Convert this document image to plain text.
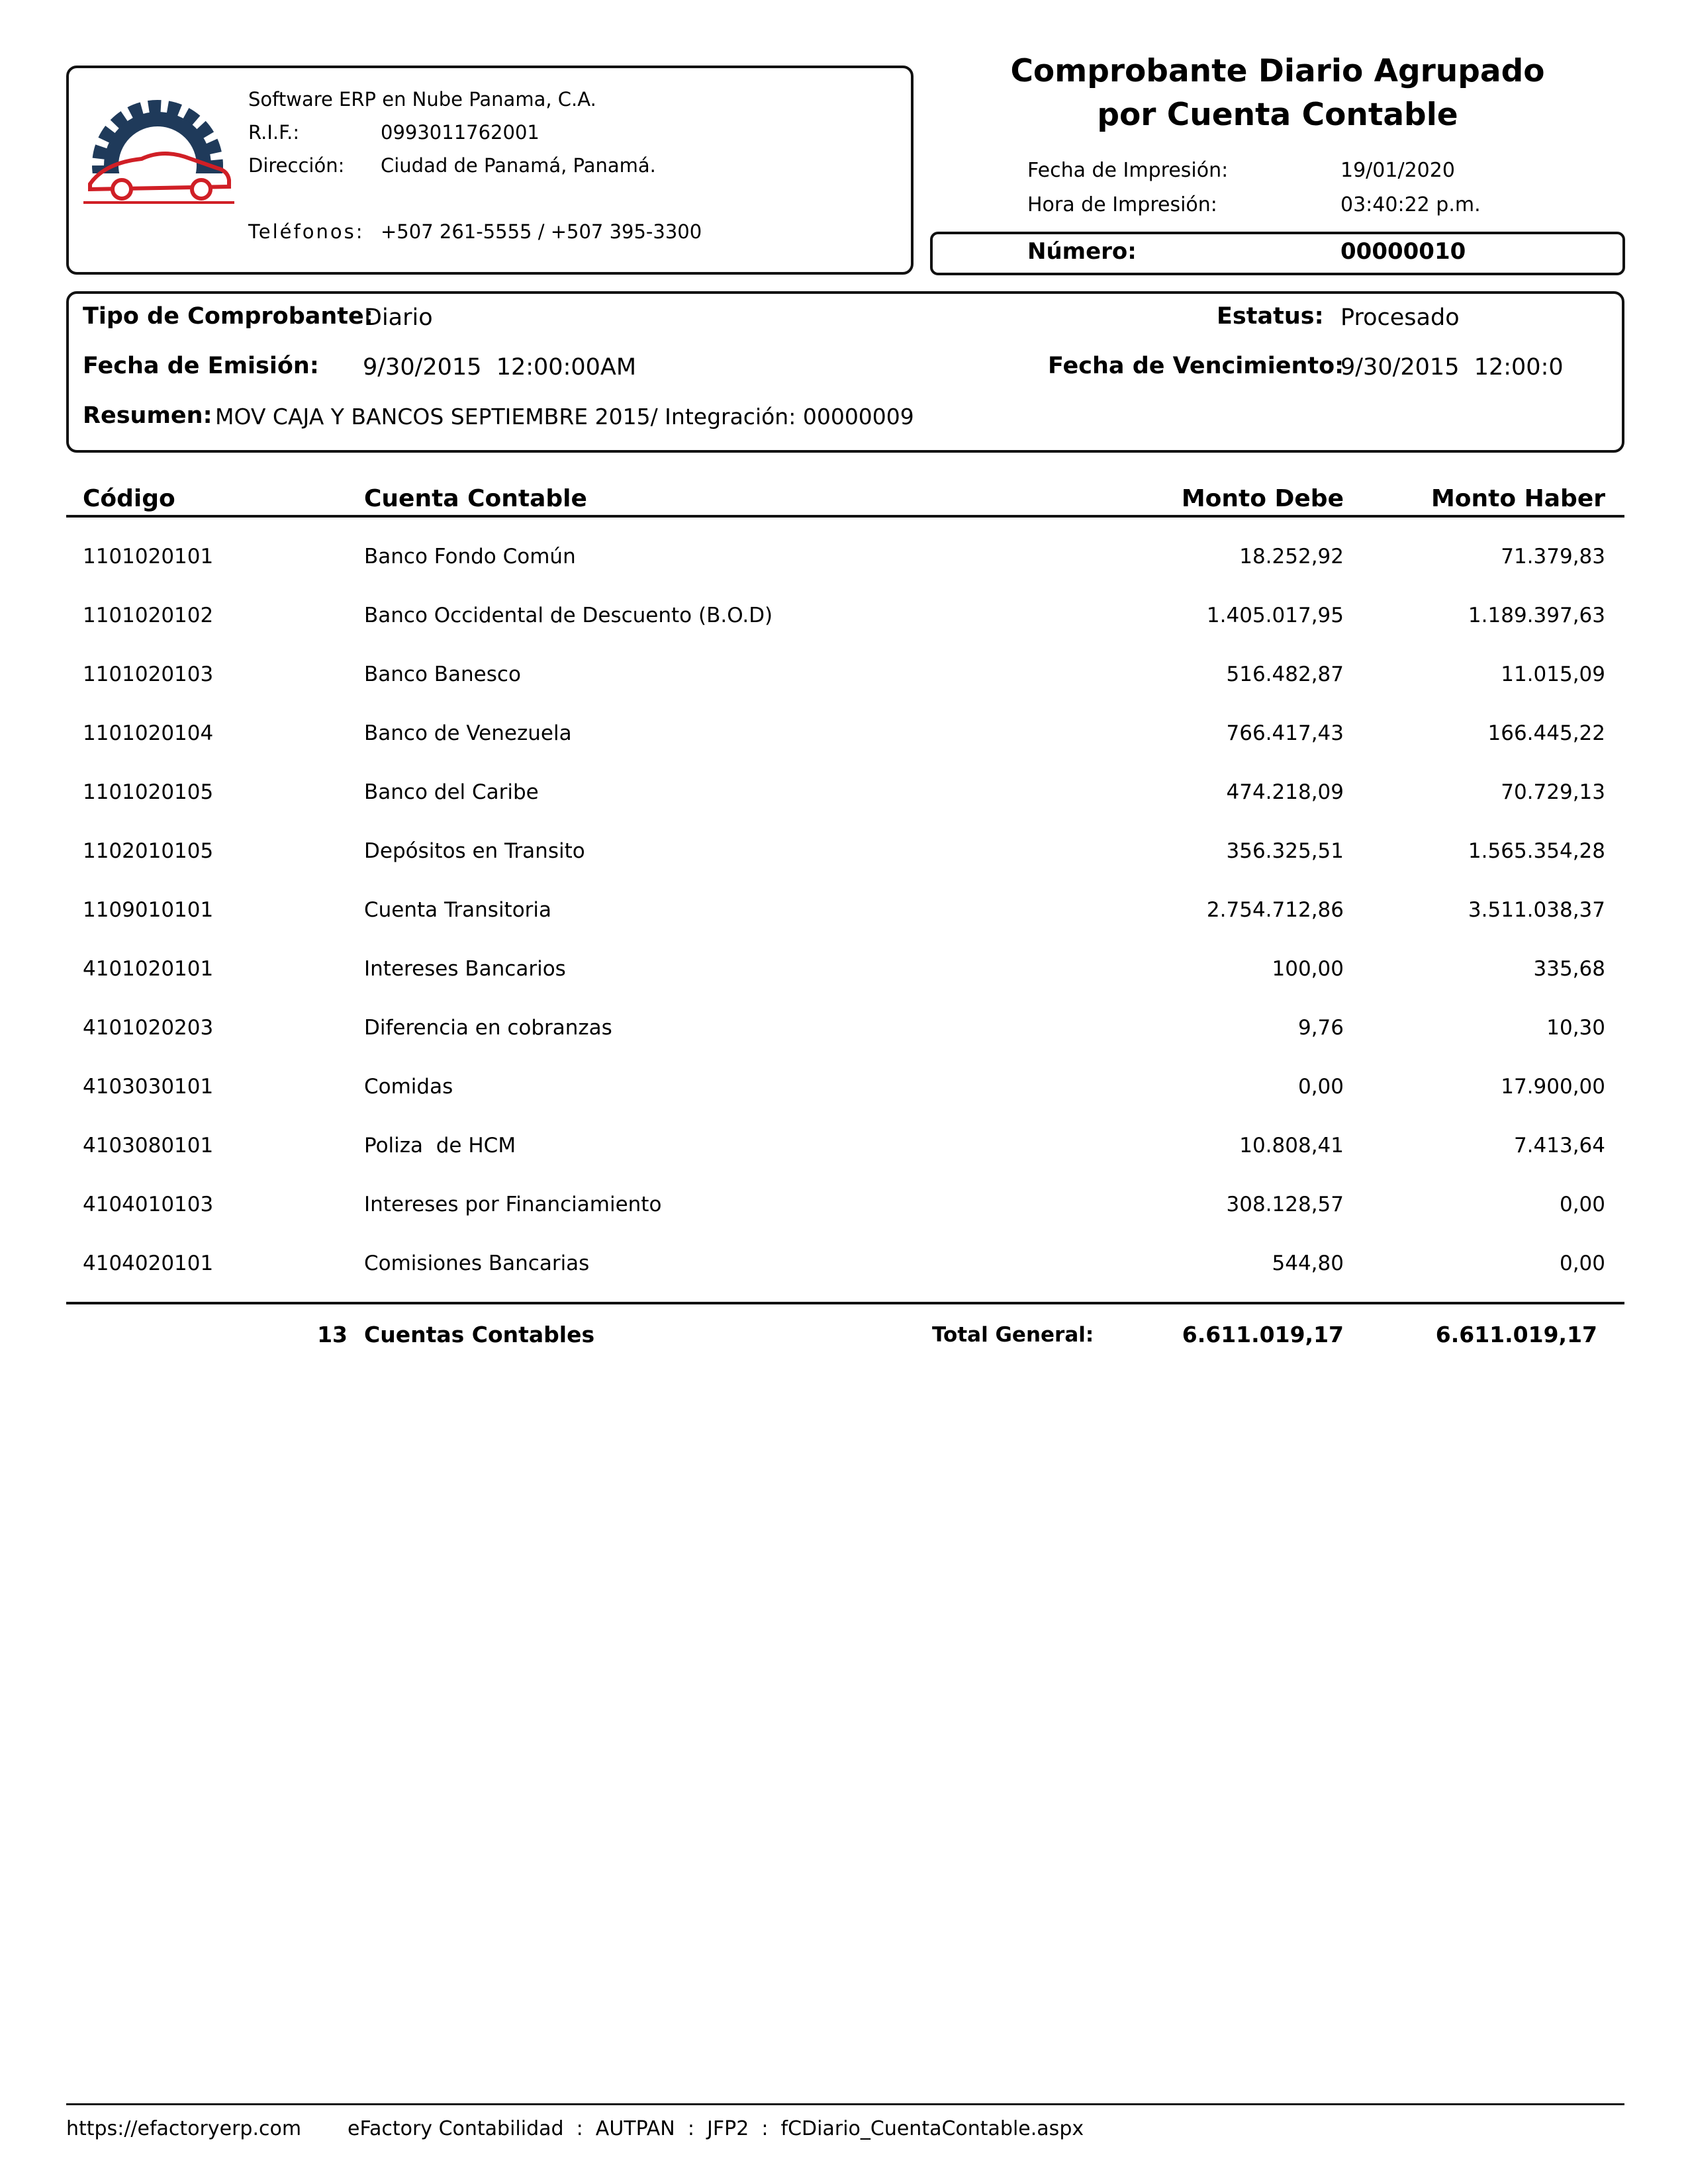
Software ERP en Nube Panama, C.A.
R.I.F.:	0993011762001
Dirección: Ciudad de Panamá, Panamá.
Teléfonos: +507 261-5555 / +507 395-3300
Comprobante Diario Agrupado
por Cuenta Contable
Fecha de Impresión:	19/01/2020
Hora de Impresión:	03:40:22 p.m.
Número:	00000010
Tipo de Comprobante:
Diario	Estatus: Procesado
Fecha de Emisión: 9/30/2015  12:00:00AM	Fecha de Vencimiento:
9/30/2015  12:00:0
Resumen: MOV CAJA Y BANCOS SEPTIEMBRE 2015/ Integración: 00000009
Código	Cuenta Contable	Monto Debe	Monto Haber
1101020101	Banco Fondo Común	18.252,92	71.379,83
1101020102	Banco Occidental de Descuento (B.O.D)	1.405.017,95	1.189.397,63
1101020103	Banco Banesco	516.482,87	11.015,09
1101020104	Banco de Venezuela	766.417,43	166.445,22
1101020105	Banco del Caribe	474.218,09	70.729,13
1102010105	Depósitos en Transito	356.325,51	1.565.354,28
1109010101	Cuenta Transitoria	2.754.712,86	3.511.038,37
4101020101	Intereses Bancarios	100,00	335,68
4101020203	Diferencia en cobranzas	9,76	10,30
4103030101	Comidas	0,00	17.900,00
4103080101	Poliza  de HCM	10.808,41	7.413,64
4104010103	Intereses por Financiamiento	308.128,57	0,00
4104020101	Comisiones Bancarias	544,80	0,00
13 Cuentas Contables	Total General:	6.611.019,17	6.611.019,17
https://efactoryerp.com eFactory Contabilidad  :  AUTPAN  :  JFP2  :  fCDiario_CuentaContable.aspx
